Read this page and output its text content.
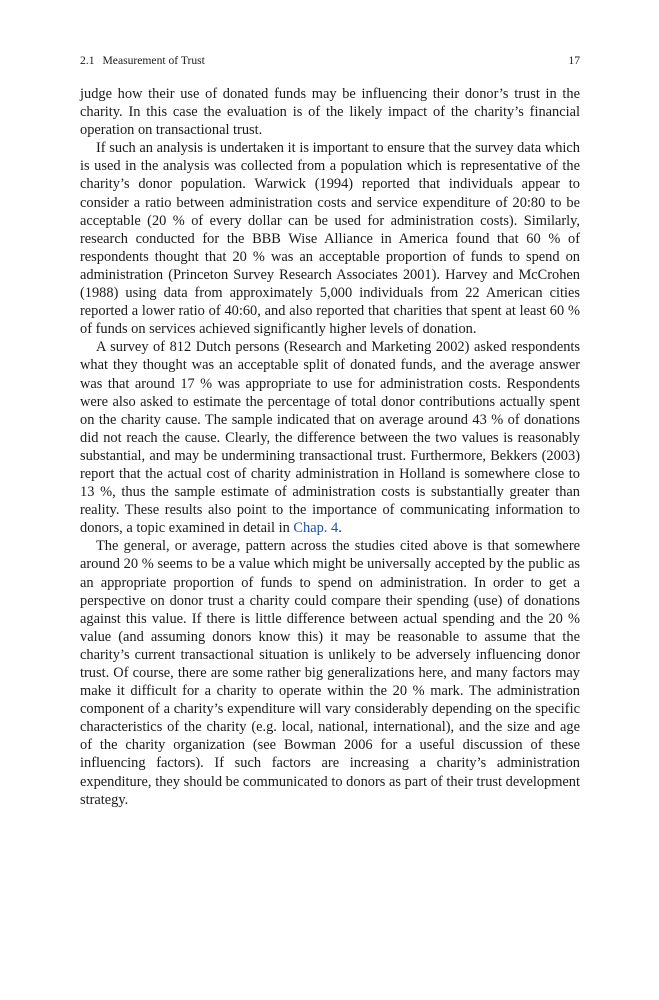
2.1 Measurement of Trust	17

judge how their use of donated funds may be influencing their donor’s trust in the charity. In this case the evaluation is of the likely impact of the charity’s financial operation on transactional trust.

If such an analysis is undertaken it is important to ensure that the survey data which is used in the analysis was collected from a population which is representative of the charity’s donor population. Warwick (1994) reported that individuals appear to consider a ratio between administration costs and service expenditure of 20:80 to be acceptable (20 % of every dollar can be used for administration costs). Similarly, research conducted for the BBB Wise Alliance in America found that 60 % of respondents thought that 20 % was an acceptable proportion of funds to spend on administration (Princeton Survey Research Associates 2001). Harvey and McCrohen (1988) using data from approximately 5,000 individuals from 22 American cities reported a lower ratio of 40:60, and also reported that charities that spent at least 60 % of funds on services achieved significantly higher levels of donation.

A survey of 812 Dutch persons (Research and Marketing 2002) asked respondents what they thought was an acceptable split of donated funds, and the average answer was that around 17 % was appropriate to use for administration costs. Respondents were also asked to estimate the percentage of total donor contributions actually spent on the charity cause. The sample indicated that on average around 43 % of donations did not reach the cause. Clearly, the difference between the two values is reasonably substantial, and may be undermining transactional trust. Furthermore, Bekkers (2003) report that the actual cost of charity administration in Holland is somewhere close to 13 %, thus the sample estimate of administration costs is substantially greater than reality. These results also point to the importance of communicating information to donors, a topic examined in detail in Chap. 4.

The general, or average, pattern across the studies cited above is that somewhere around 20 % seems to be a value which might be universally accepted by the public as an appropriate proportion of funds to spend on administration. In order to get a perspective on donor trust a charity could compare their spending (use) of donations against this value. If there is little difference between actual spending and the 20 % value (and assuming donors know this) it may be reasonable to assume that the charity’s current transactional situation is unlikely to be adversely influencing donor trust. Of course, there are some rather big generalizations here, and many factors may make it difficult for a charity to operate within the 20 % mark. The administration component of a charity’s expenditure will vary considerably depending on the specific characteristics of the charity (e.g. local, national, international), and the size and age of the charity organization (see Bowman 2006 for a useful discussion of these influencing factors). If such factors are increasing a charity’s administration expenditure, they should be communicated to donors as part of their trust development strategy.
